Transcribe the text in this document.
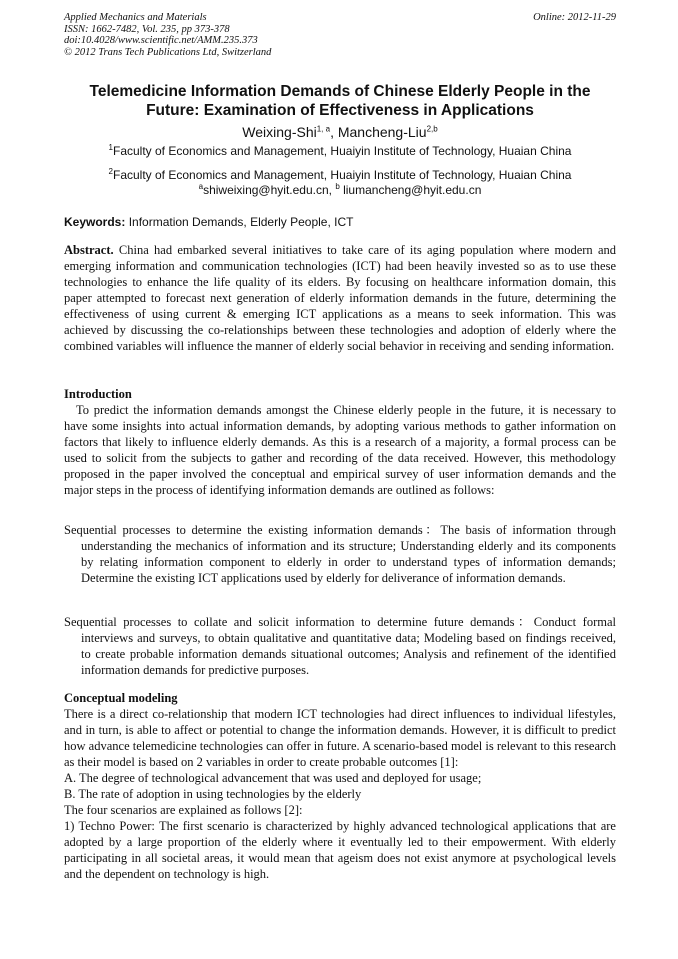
Applied Mechanics and Materials
ISSN: 1662-7482, Vol. 235, pp 373-378
doi:10.4028/www.scientific.net/AMM.235.373
© 2012 Trans Tech Publications Ltd, Switzerland
Online: 2012-11-29
Telemedicine Information Demands of Chinese Elderly People in the Future: Examination of Effectiveness in Applications
Weixing-Shi$^{1, a}$, Mancheng-Liu$^{2,b}$
$^1$Faculty of Economics and Management, Huaiyin Institute of Technology, Huaian China
$^2$Faculty of Economics and Management, Huaiyin Institute of Technology, Huaian China
$^a$shiweixing@hyit.edu.cn, $^b$ liumancheng@hyit.edu.cn
Keywords: Information Demands, Elderly People, ICT

Abstract. China had embarked several initiatives to take care of its aging population where modern and emerging information and communication technologies (ICT) had been heavily invested so as to use these technologies to enhance the life quality of its elders. By focusing on healthcare information domain, this paper attempted to forecast next generation of elderly information demands in the future, determining the effectiveness of using current & emerging ICT applications as a means to seek information. This was achieved by discussing the co-relationships between these technologies and adoption of elderly where the combined variables will influence the manner of elderly social behavior in receiving and sending information.

Introduction

To predict the information demands amongst the Chinese elderly people in the future, it is necessary to have some insights into actual information demands, by adopting various methods to gather information on factors that likely to influence elderly demands. As this is a research of a majority, a formal process can be used to solicit from the subjects to gather and recording of the data received. However, this methodology proposed in the paper involved the conceptual and empirical survey of user information demands and the major steps in the process of identifying information demands are outlined as follows:

Sequential processes to determine the existing information demands：The basis of information through understanding the mechanics of information and its structure; Understanding elderly and its components by relating information component to elderly in order to understand types of information demands; Determine the existing ICT applications used by elderly for deliverance of information demands.

Sequential processes to collate and solicit information to determine future demands：Conduct formal interviews and surveys, to obtain qualitative and quantitative data; Modeling based on findings received, to create probable information demands situational outcomes; Analysis and refinement of the identified information demands for predictive purposes.

Conceptual modeling

There is a direct co-relationship that modern ICT technologies had direct influences to individual lifestyles, and in turn, is able to affect or potential to change the information demands. However, it is difficult to predict how advance telemedicine technologies can offer in future. A scenario-based model is relevant to this research as their model is based on 2 variables in order to create probable outcomes [1]:

A. The degree of technological advancement that was used and deployed for usage;

B. The rate of adoption in using technologies by the elderly

The four scenarios are explained as follows [2]:

1) Techno Power: The first scenario is characterized by highly advanced technological applications that are adopted by a large proportion of the elderly where it eventually led to their empowerment. With elderly participating in all societal areas, it would mean that ageism does not exist anymore at psychological levels and the dependent on technology is high.
